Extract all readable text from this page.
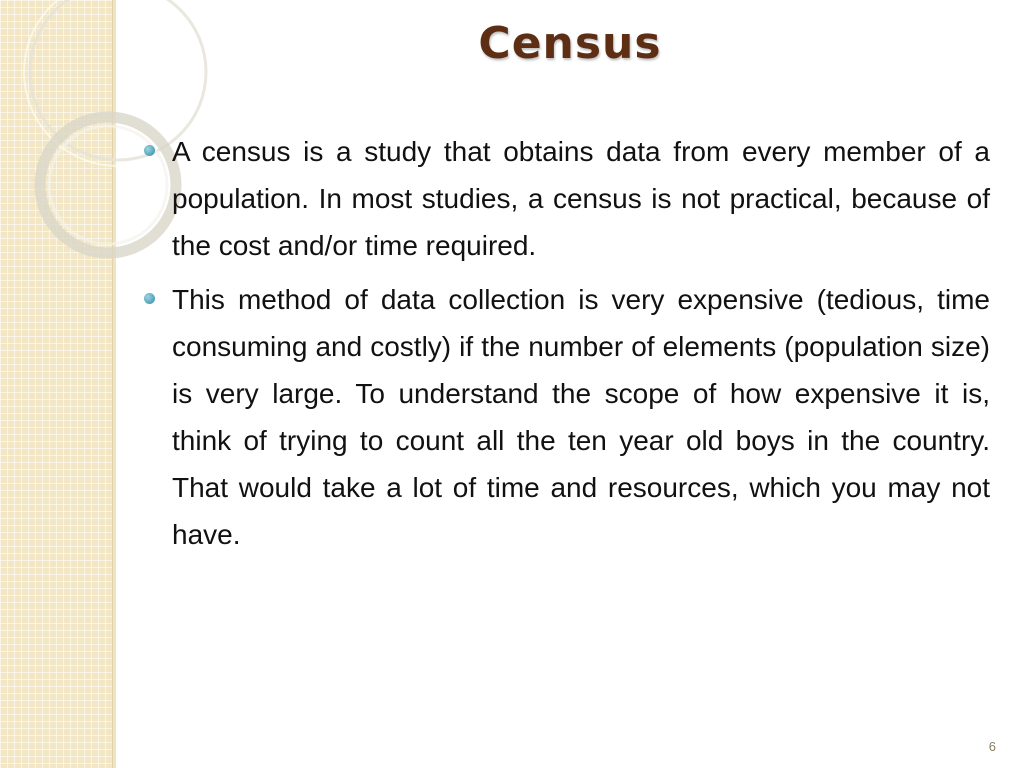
Census
A census is a study that obtains data from every member of a population. In most studies, a census is not practical, because of the cost and/or time required.
This method of data collection is very expensive (tedious, time consuming and costly) if the number of elements (population size) is very large. To understand the scope of how expensive it is, think of trying to count all the ten year old boys in the country. That would take a lot of time and resources, which you may not have.
6
